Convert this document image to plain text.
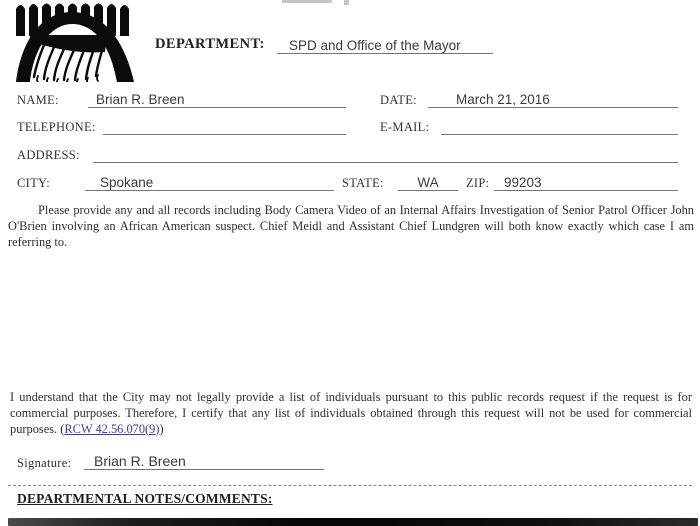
DEPARTMENT:	SPD and Office of the Mayor
NAME:	Brian R. Breen	DATE:	March 21, 2016
TELEPHONE:	E-MAIL:
ADDRESS:
CITY:	Spokane	STATE:	WA	ZIP:	99203
Please provide any and all records including Body Camera Video of an Internal Affairs Investigation of Senior Patrol Officer John O'Brien involving an African American suspect. Chief Meidl and Assistant Chief Lundgren will both know exactly which case I am referring to.
I understand that the City may not legally provide a list of individuals pursuant to this public records request if the request is for commercial purposes. Therefore, I certify that any list of individuals obtained through this request will not be used for commercial purposes. (RCW 42.56.070(9))
Signature:	Brian R. Breen
DEPARTMENTAL NOTES/COMMENTS:
